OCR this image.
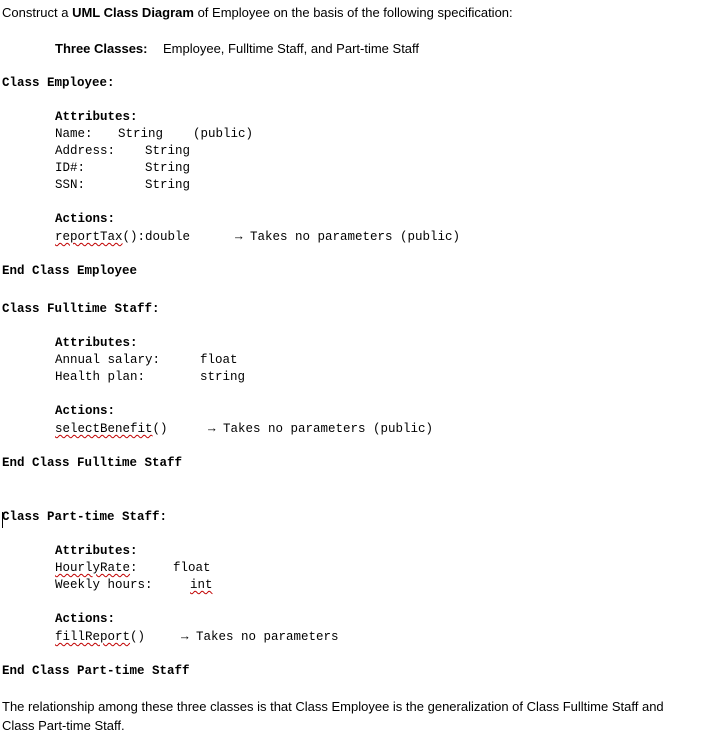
Construct a UML Class Diagram of Employee on the basis of the following specification:
Three Classes: Employee, Fulltime Staff, and Part-time Staff
Class Employee:
Attributes:
Name: String (public)
Address: String
ID#:	String
SSN:	String
Actions:
reportTax():double	→ Takes no parameters (public)
End Class Employee
Class Fulltime Staff:
Attributes:
Annual salary:	float
Health plan:	string
Actions:
selectBenefit()	→ Takes no parameters (public)
End Class Fulltime Staff
Class Part-time Staff:
Attributes:
HourlyRate:	float
Weekly hours:	int
Actions:
fillReport()	→ Takes no parameters
End Class Part-time Staff
The relationship among these three classes is that Class Employee is the generalization of Class Fulltime Staff and
Class Part-time Staff.
